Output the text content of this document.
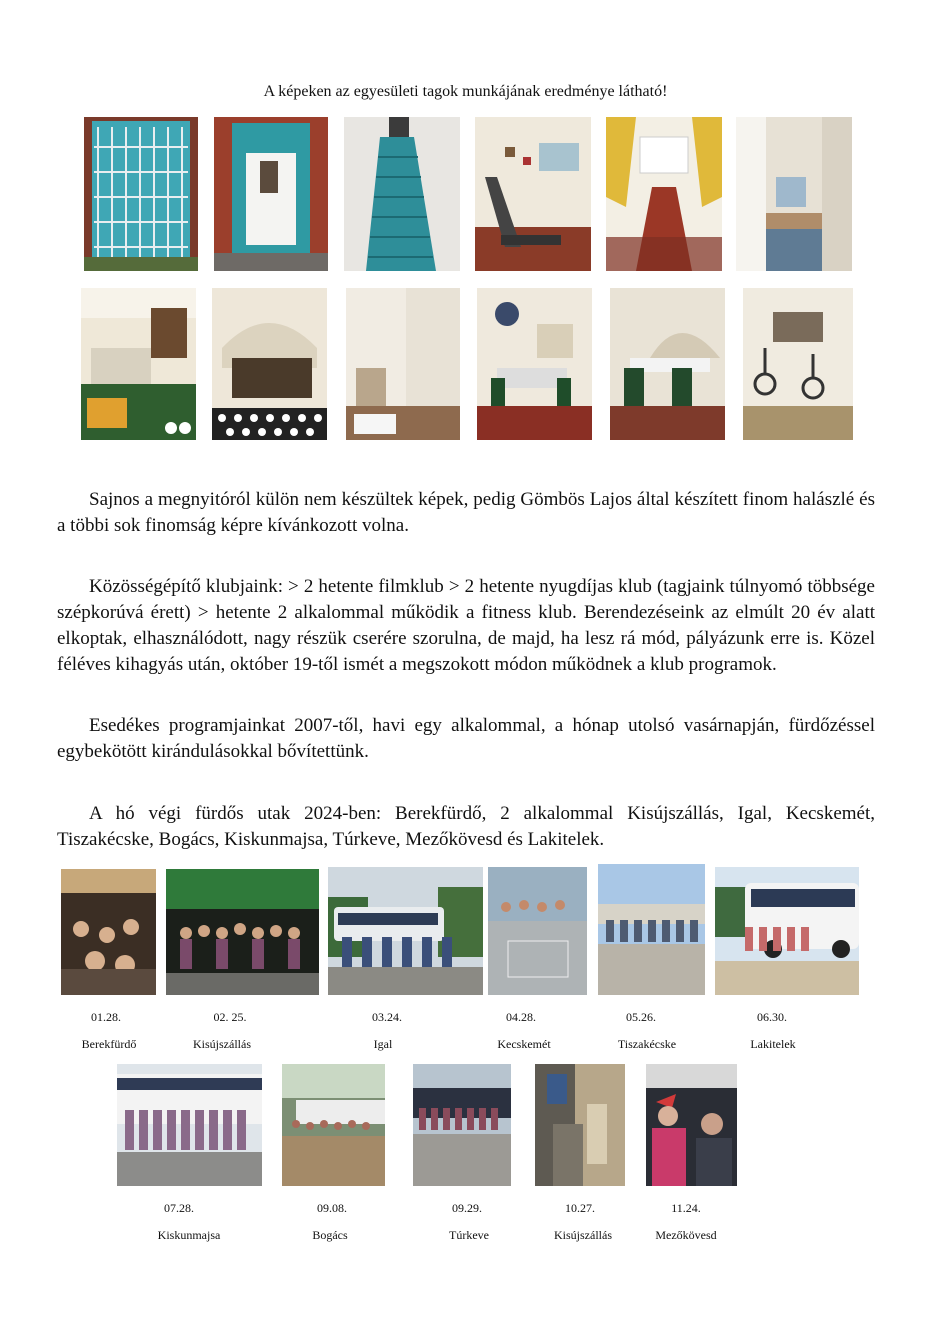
A képeken az egyesületi tagok munkájának eredménye látható!

Sajnos a megnyitóról külön nem készültek képek, pedig Gömbös Lajos által készített finom halászlé és a többi sok finomság képre kívánkozott volna.

Közösségépítő klubjaink: > 2 hetente filmklub > 2 hetente nyugdíjas klub (tagjaink túlnyomó többsége szépkorúvá érett) > hetente 2 alkalommal működik a fitness klub. Berendezéseink az elmúlt 20 év alatt elkoptak, elhasználódott, nagy részük cserére szorulna, de majd, ha lesz rá mód, pályázunk erre is. Közel féléves kihagyás után, október 19-től ismét a megszokott módon működnek a klub programok.

Esedékes programjainkat 2007-től, havi egy alkalommal, a hónap utolsó vasárnapján, fürdőzéssel egybekötött kirándulásokkal bővítettünk.

A hó végi fürdős utak 2024-ben: Berekfürdő, 2 alkalommal Kisújszállás, Igal, Kecskemét, Tiszakécske, Bogács, Kiskunmajsa, Túrkeve, Mezőkövesd és Lakitelek.

01.28.	02. 25.	03.24.	04.28.	05.26.	06.30.
Berekfürdő	Kisújszállás	Igal	Kecskemét	Tiszakécske	Lakitelek
07.28.	09.08.	09.29.	10.27.	11.24.
Kiskunmajsa	Bogács	Túrkeve	Kisújszállás	Mezőkövesd
